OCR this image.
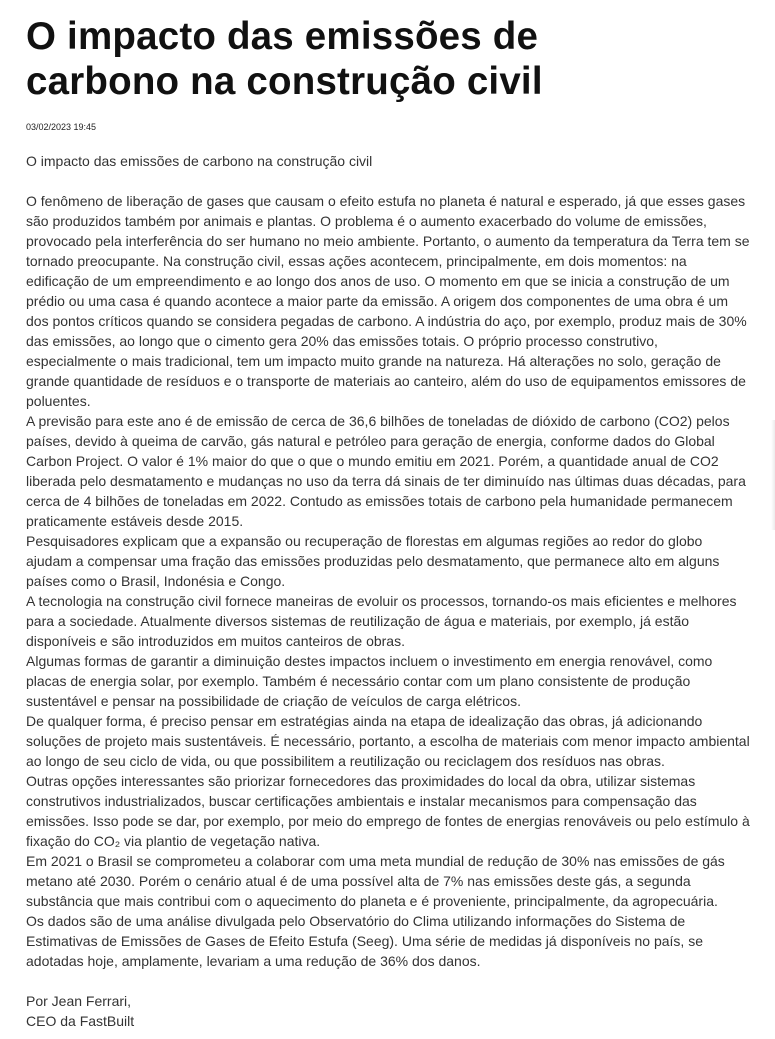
O impacto das emissões de
carbono na construção civil
03/02/2023 19:45
O impacto das emissões de carbono na construção civil

O fenômeno de liberação de gases que causam o efeito estufa no planeta é natural e esperado, já que esses gases são produzidos também por animais e plantas. O problema é o aumento exacerbado do volume de emissões, provocado pela interferência do ser humano no meio ambiente. Portanto, o aumento da temperatura da Terra tem se tornado preocupante. Na construção civil, essas ações acontecem, principalmente, em dois momentos: na edificação de um empreendimento e ao longo dos anos de uso. O momento em que se inicia a construção de um prédio ou uma casa é quando acontece a maior parte da emissão. A origem dos componentes de uma obra é um dos pontos críticos quando se considera pegadas de carbono. A indústria do aço, por exemplo, produz mais de 30% das emissões, ao longo que o cimento gera 20% das emissões totais. O próprio processo construtivo, especialmente o mais tradicional, tem um impacto muito grande na natureza. Há alterações no solo, geração de grande quantidade de resíduos e o transporte de materiais ao canteiro, além do uso de equipamentos emissores de poluentes.

A previsão para este ano é de emissão de cerca de 36,6 bilhões de toneladas de dióxido de carbono (CO2) pelos países, devido à queima de carvão, gás natural e petróleo para geração de energia, conforme dados do Global Carbon Project. O valor é 1% maior do que o que o mundo emitiu em 2021. Porém, a quantidade anual de CO2 liberada pelo desmatamento e mudanças no uso da terra dá sinais de ter diminuído nas últimas duas décadas, para cerca de 4 bilhões de toneladas em 2022. Contudo as emissões totais de carbono pela humanidade permanecem praticamente estáveis desde 2015.

Pesquisadores explicam que a expansão ou recuperação de florestas em algumas regiões ao redor do globo ajudam a compensar uma fração das emissões produzidas pelo desmatamento, que permanece alto em alguns países como o Brasil, Indonésia e Congo.

A tecnologia na construção civil fornece maneiras de evoluir os processos, tornando-os mais eficientes e melhores para a sociedade. Atualmente diversos sistemas de reutilização de água e materiais, por exemplo, já estão disponíveis e são introduzidos em muitos canteiros de obras.

Algumas formas de garantir a diminuição destes impactos incluem o investimento em energia renovável, como placas de energia solar, por exemplo. Também é necessário contar com um plano consistente de produção sustentável e pensar na possibilidade de criação de veículos de carga elétricos.

De qualquer forma, é preciso pensar em estratégias ainda na etapa de idealização das obras, já adicionando soluções de projeto mais sustentáveis. É necessário, portanto, a escolha de materiais com menor impacto ambiental ao longo de seu ciclo de vida, ou que possibilitem a reutilização ou reciclagem dos resíduos nas obras.

Outras opções interessantes são priorizar fornecedores das proximidades do local da obra, utilizar sistemas construtivos industrializados, buscar certificações ambientais e instalar mecanismos para compensação das emissões. Isso pode se dar, por exemplo, por meio do emprego de fontes de energias renováveis ou pelo estímulo à fixação do CO₂ via plantio de vegetação nativa.

Em 2021 o Brasil se comprometeu a colaborar com uma meta mundial de redução de 30% nas emissões de gás metano até 2030. Porém o cenário atual é de uma possível alta de 7% nas emissões deste gás, a segunda substância que mais contribui com o aquecimento do planeta e é proveniente, principalmente, da agropecuária.

Os dados são de uma análise divulgada pelo Observatório do Clima utilizando informações do Sistema de Estimativas de Emissões de Gases de Efeito Estufa (Seeg). Uma série de medidas já disponíveis no país, se adotadas hoje, amplamente, levariam a uma redução de 36% dos danos.

Por Jean Ferrari,
CEO da FastBuilt
